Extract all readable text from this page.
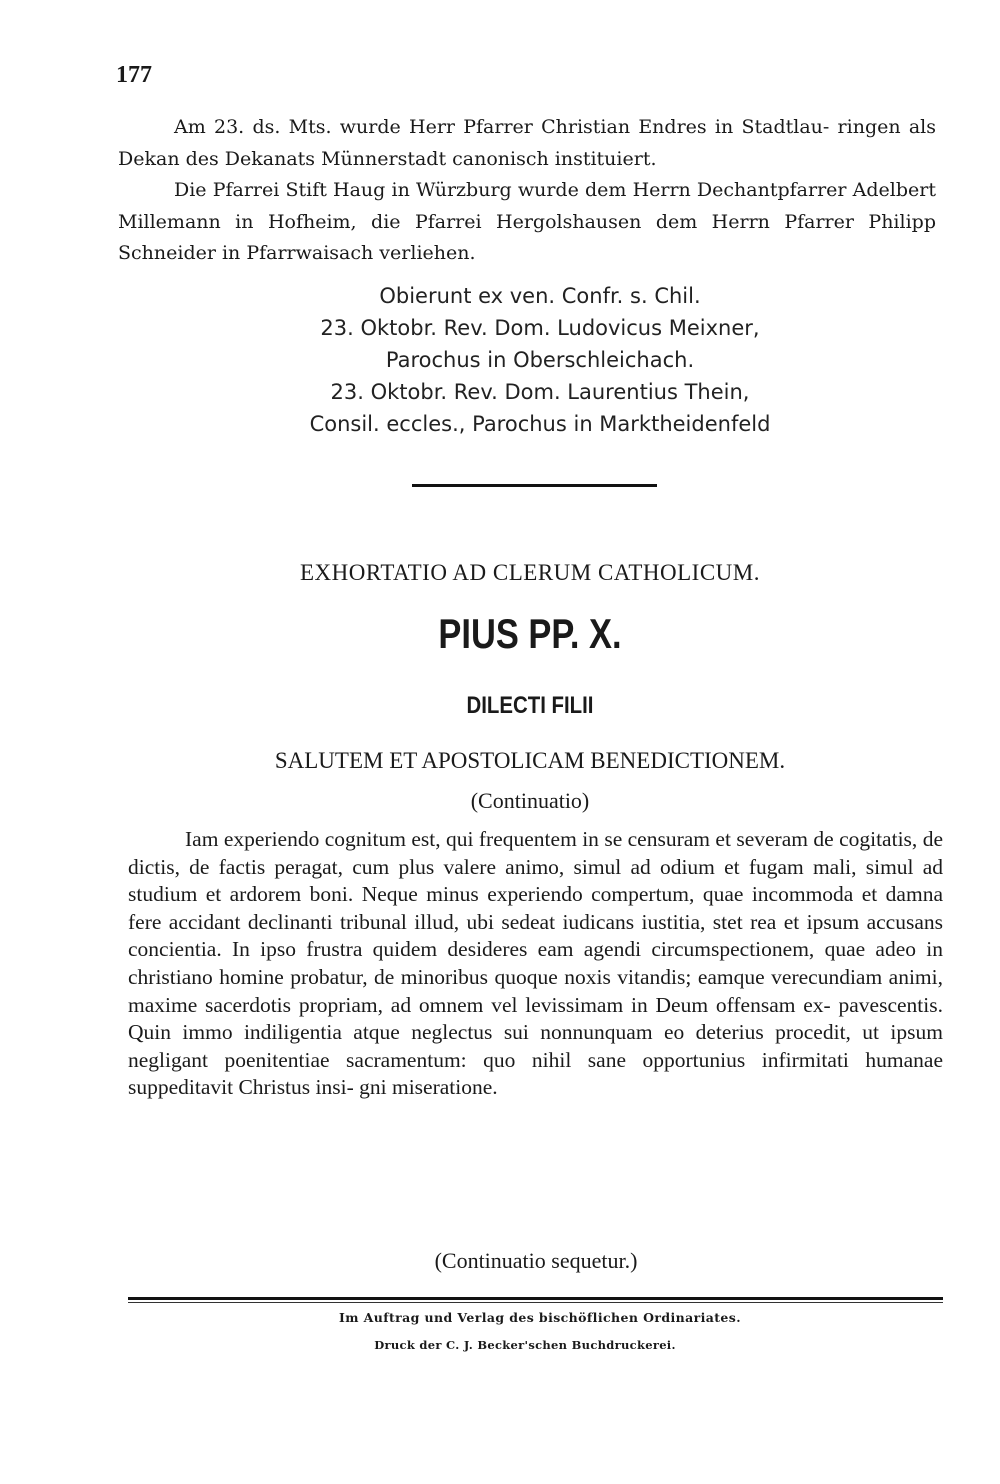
177

Am 23. ds. Mts. wurde Herr Pfarrer Christian Endres in Stadtlau- ringen als Dekan des Dekanats Münnerstadt canonisch instituiert.

Die Pfarrei Stift Haug in Würzburg wurde dem Herrn Dechantpfarrer Adelbert Millemann in Hofheim, die Pfarrei Hergolshausen dem Herrn Pfarrer Philipp Schneider in Pfarrwaisach verliehen.

Obierunt ex ven. Confr. s. Chil.
23. Oktobr. Rev. Dom. Ludovicus Meixner,
Parochus in Oberschleichach.
23. Oktobr. Rev. Dom. Laurentius Thein,
Consil. eccles., Parochus in Marktheidenfeld
EXHORTATIO AD CLERUM CATHOLICUM.
PIUS PP. X.
DILECTI FILII
SALUTEM ET APOSTOLICAM BENEDICTIONEM.
(Continuatio)

Iam experiendo cognitum est, qui frequentem in se censuram et severam de cogitatis, de dictis, de factis peragat, cum plus valere animo, simul ad odium et fugam mali, simul ad studium et ardorem boni. Neque minus experiendo compertum, quae incommoda et damna fere accidant declinanti tribunal illud, ubi sedeat iudicans iustitia, stet rea et ipsum accusans concientia. In ipso frustra quidem desideres eam agendi circumspectionem, quae adeo in christiano homine probatur, de minoribus quoque noxis vitandis; eamque verecundiam animi, maxime sacerdotis propriam, ad omnem vel levissimam in Deum offensam ex- pavescentis. Quin immo indiligentia atque neglectus sui nonnunquam eo deterius procedit, ut ipsum negligant poenitentiae sacramentum: quo nihil sane opportunius infirmitati humanae suppeditavit Christus insi- gni miseratione.

(Continuatio sequetur.)
Im Auftrag und Verlag des bischöflichen Ordinariates.
Druck der C. J. Becker'schen Buchdruckerei.
